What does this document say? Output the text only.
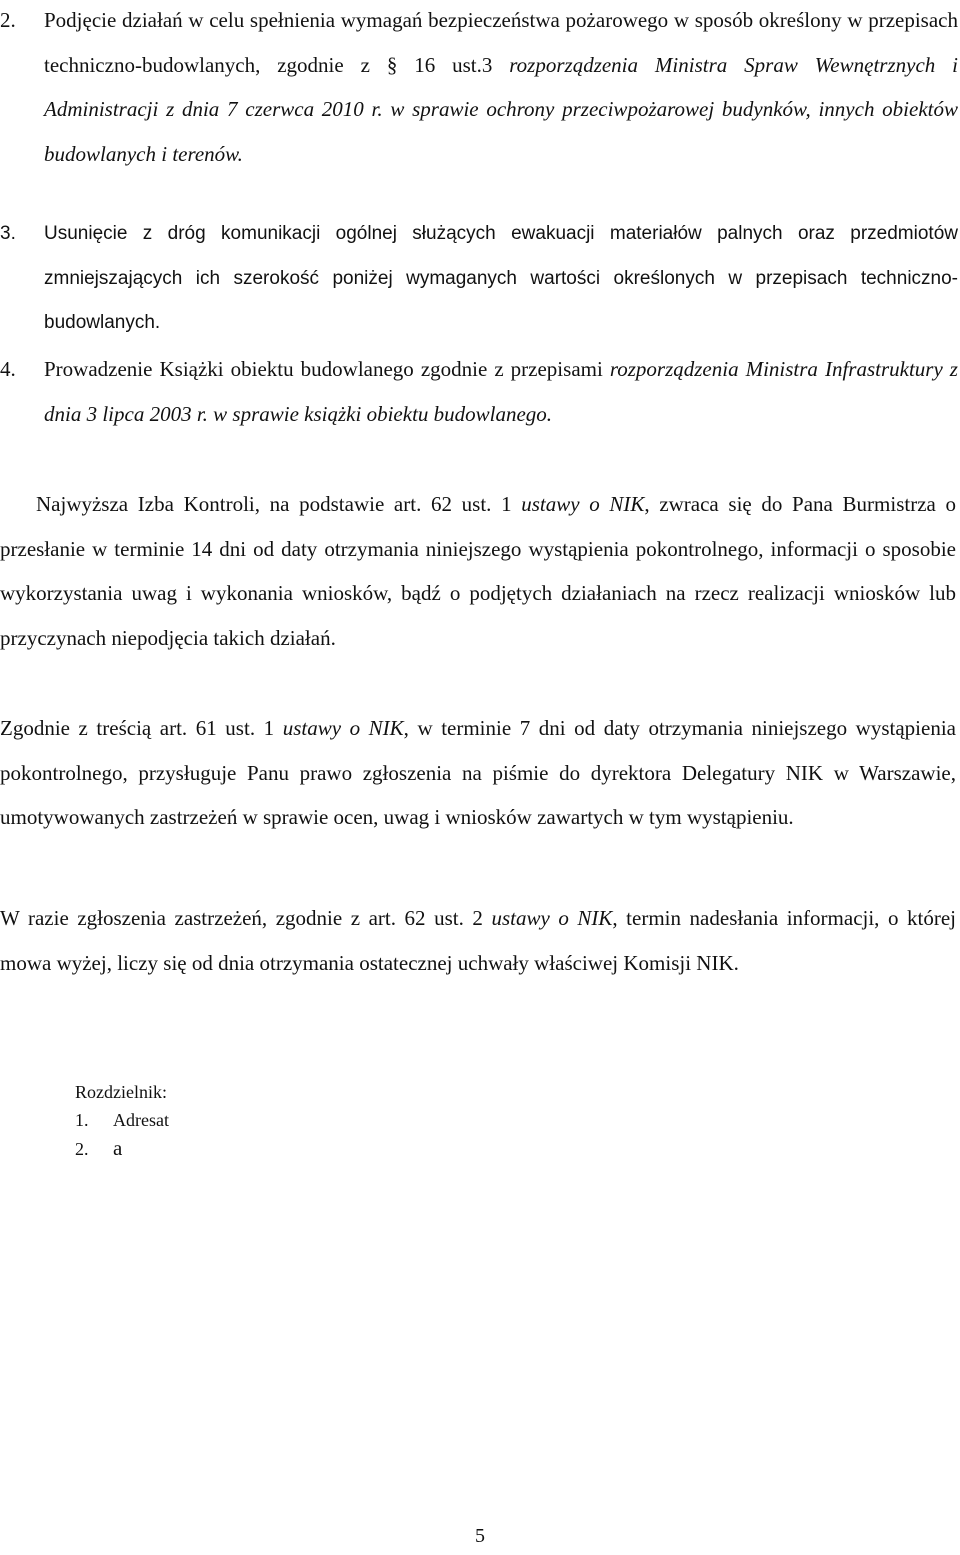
2. Podjęcie działań w celu spełnienia wymagań bezpieczeństwa pożarowego w sposób określony w przepisach techniczno-budowlanych, zgodnie z § 16 ust.3 rozporządzenia Ministra Spraw Wewnętrznych i Administracji z dnia 7 czerwca 2010 r. w sprawie ochrony przeciwpożarowej budynków, innych obiektów budowlanych i terenów.
3. Usunięcie z dróg komunikacji ogólnej służących ewakuacji materiałów palnych oraz przedmiotów zmniejszających ich szerokość poniżej wymaganych wartości określonych w przepisach techniczno-budowlanych.
4. Prowadzenie Książki obiektu budowlanego zgodnie z przepisami rozporządzenia Ministra Infrastruktury z dnia 3 lipca 2003 r. w sprawie książki obiektu budowlanego.
Najwyższa Izba Kontroli, na podstawie art. 62 ust. 1 ustawy o NIK, zwraca się do Pana Burmistrza o przesłanie w terminie 14 dni od daty otrzymania niniejszego wystąpienia pokontrolnego, informacji o sposobie wykorzystania uwag i wykonania wniosków, bądź o podjętych działaniach na rzecz realizacji wniosków lub przyczynach niepodjęcia takich działań.
Zgodnie z treścią art. 61 ust. 1 ustawy o NIK, w terminie 7 dni od daty otrzymania niniejszego wystąpienia pokontrolnego, przysługuje Panu prawo zgłoszenia na piśmie do dyrektora Delegatury NIK w Warszawie, umotywowanych zastrzeżeń w sprawie ocen, uwag i wniosków zawartych w tym wystąpieniu.
W razie zgłoszenia zastrzeżeń, zgodnie z art. 62 ust. 2 ustawy o NIK, termin nadesłania informacji, o której mowa wyżej, liczy się od dnia otrzymania ostatecznej uchwały właściwej Komisji NIK.
Rozdzielnik:
1. Adresat
2. a
5
